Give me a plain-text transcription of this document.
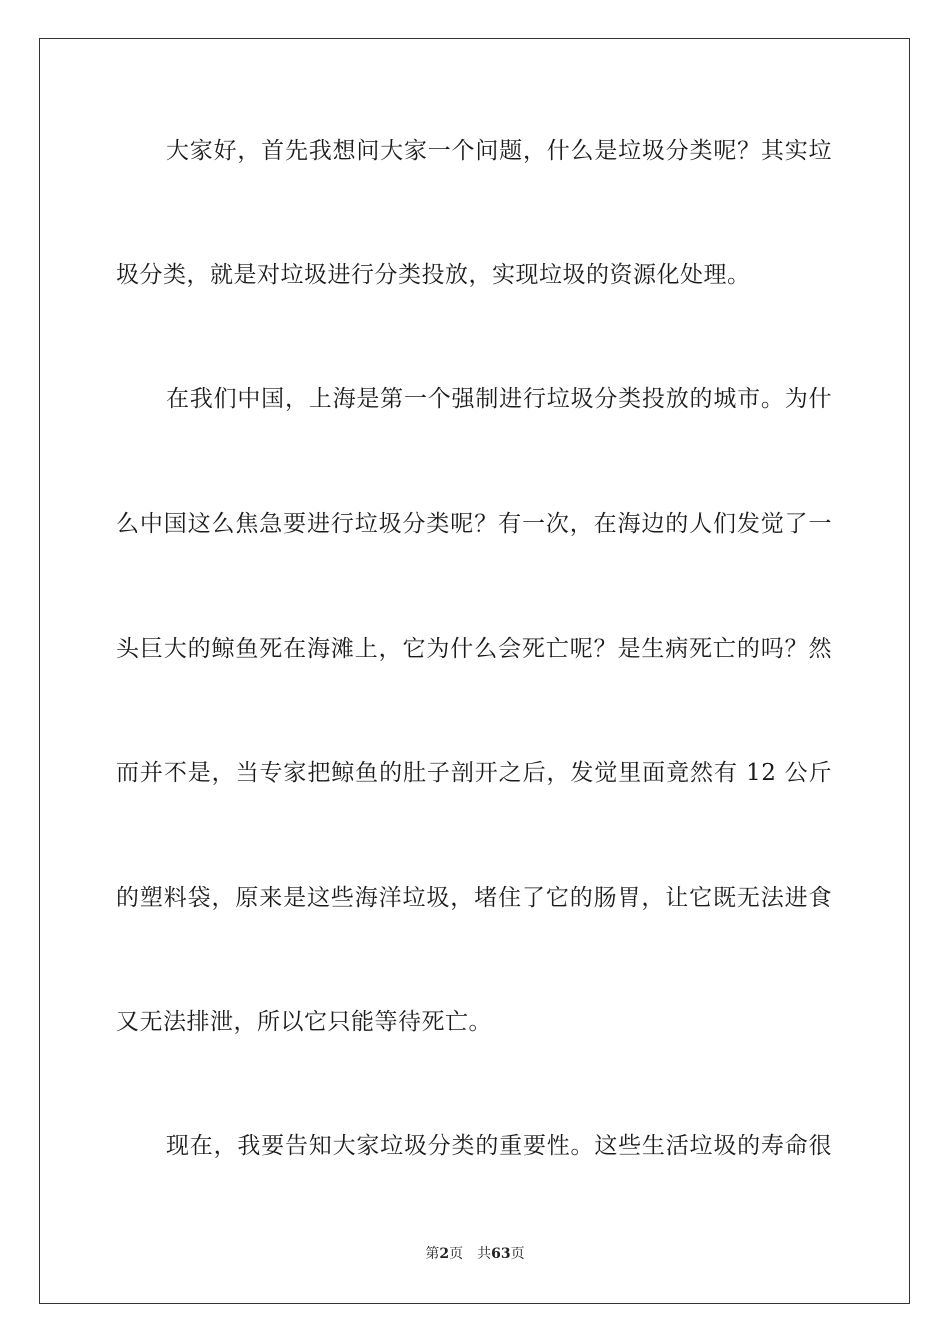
大家好，首先我想问大家一个问题，什么是垃圾分类呢？其实垃
圾分类，就是对垃圾进行分类投放，实现垃圾的资源化处理。
在我们中国，上海是第一个强制进行垃圾分类投放的城市。为什
么中国这么焦急要进行垃圾分类呢？有一次，在海边的人们发觉了一
头巨大的鲸鱼死在海滩上，它为什么会死亡呢？是生病死亡的吗？然
而并不是，当专家把鲸鱼的肚子剖开之后，发觉里面竟然有 12 公斤
的塑料袋，原来是这些海洋垃圾，堵住了它的肠胃，让它既无法进食
又无法排泄，所以它只能等待死亡。
现在，我要告知大家垃圾分类的重要性。这些生活垃圾的寿命很
第2页 共63页
